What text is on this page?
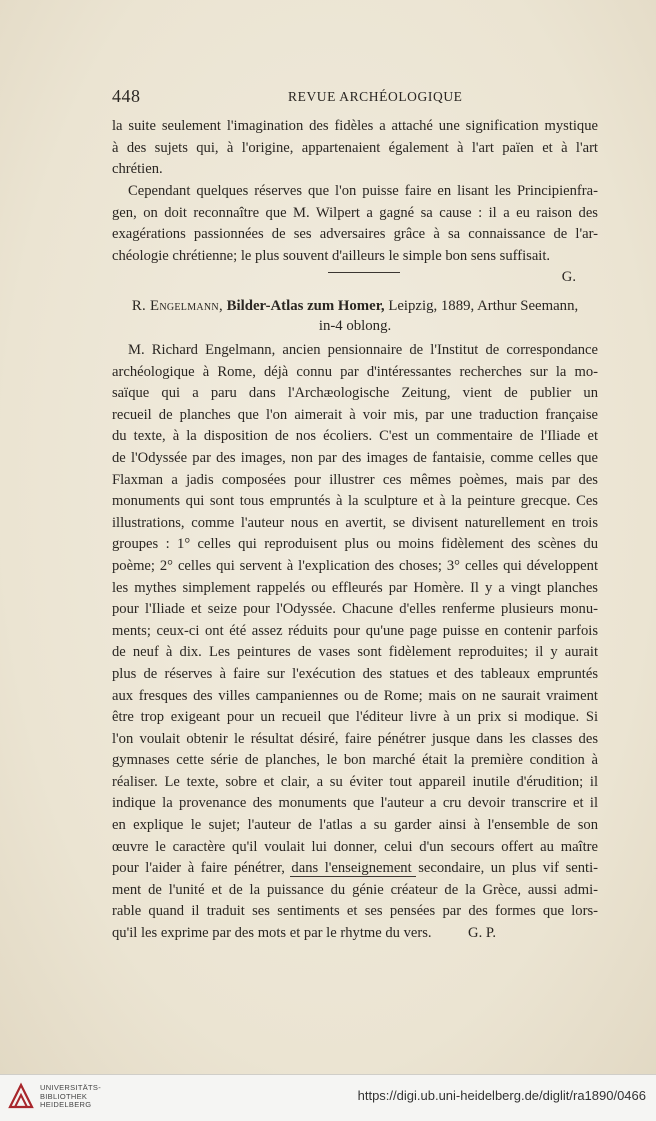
448	REVUE ARCHÉOLOGIQUE
la suite seulement l'imagination des fidèles a attaché une signification mystique
à des sujets qui, à l'origine, appartenaient également à l'art païen et à l'art
chrétien.
Cependant quelques réserves que l'on puisse faire en lisant les Principienfra-
gen, on doit reconnaître que M. Wilpert a gagné sa cause : il a eu raison des
exagérations passionnées de ses adversaires grâce à sa connaissance de l'ar-
chéologie chrétienne; le plus souvent d'ailleurs le simple bon sens suffisait.
G.
R. Engelmann, Bilder-Atlas zum Homer, Leipzig, 1889, Arthur Seemann,
in-4 oblong.
M. Richard Engelmann, ancien pensionnaire de l'Institut de correspondance
archéologique à Rome, déjà connu par d'intéressantes recherches sur la mo-
saïque qui a paru dans l'Archæologische Zeitung, vient de publier un
recueil de planches que l'on aimerait à voir mis, par une traduction française
du texte, à la disposition de nos écoliers. C'est un commentaire de l'Iliade et
de l'Odyssée par des images, non par des images de fantaisie, comme celles que
Flaxman a jadis composées pour illustrer ces mêmes poèmes, mais par des
monuments qui sont tous empruntés à la sculpture et à la peinture grecque. Ces
illustrations, comme l'auteur nous en avertit, se divisent naturellement en trois
groupes : 1° celles qui reproduisent plus ou moins fidèlement des scènes du
poème; 2° celles qui servent à l'explication des choses; 3° celles qui développent
les mythes simplement rappelés ou effleurés par Homère. Il y a vingt planches
pour l'Iliade et seize pour l'Odyssée. Chacune d'elles renferme plusieurs monu-
ments; ceux-ci ont été assez réduits pour qu'une page puisse en contenir parfois
de neuf à dix. Les peintures de vases sont fidèlement reproduites; il y aurait
plus de réserves à faire sur l'exécution des statues et des tableaux empruntés
aux fresques des villes campaniennes ou de Rome; mais on ne saurait vraiment
être trop exigeant pour un recueil que l'éditeur livre à un prix si modique. Si
l'on voulait obtenir le résultat désiré, faire pénétrer jusque dans les classes des
gymnases cette série de planches, le bon marché était la première condition à
réaliser. Le texte, sobre et clair, a su éviter tout appareil inutile d'érudition; il
indique la provenance des monuments que l'auteur a cru devoir transcrire et il
en explique le sujet; l'auteur de l'atlas a su garder ainsi à l'ensemble de son
œuvre le caractère qu'il voulait lui donner, celui d'un secours offert au maître
pour l'aider à faire pénétrer, dans l'enseignement secondaire, un plus vif senti-
ment de l'unité et de la puissance du génie créateur de la Grèce, aussi admi-
rable quand il traduit ses sentiments et ses pensées par des formes que lors-
qu'il les exprime par des mots et par le rhytme du vers.          G. P.
UNIVERSITÄTS-
BIBLIOTHEK
HEIDELBERG
https://digi.ub.uni-heidelberg.de/diglit/ra1890/0466
